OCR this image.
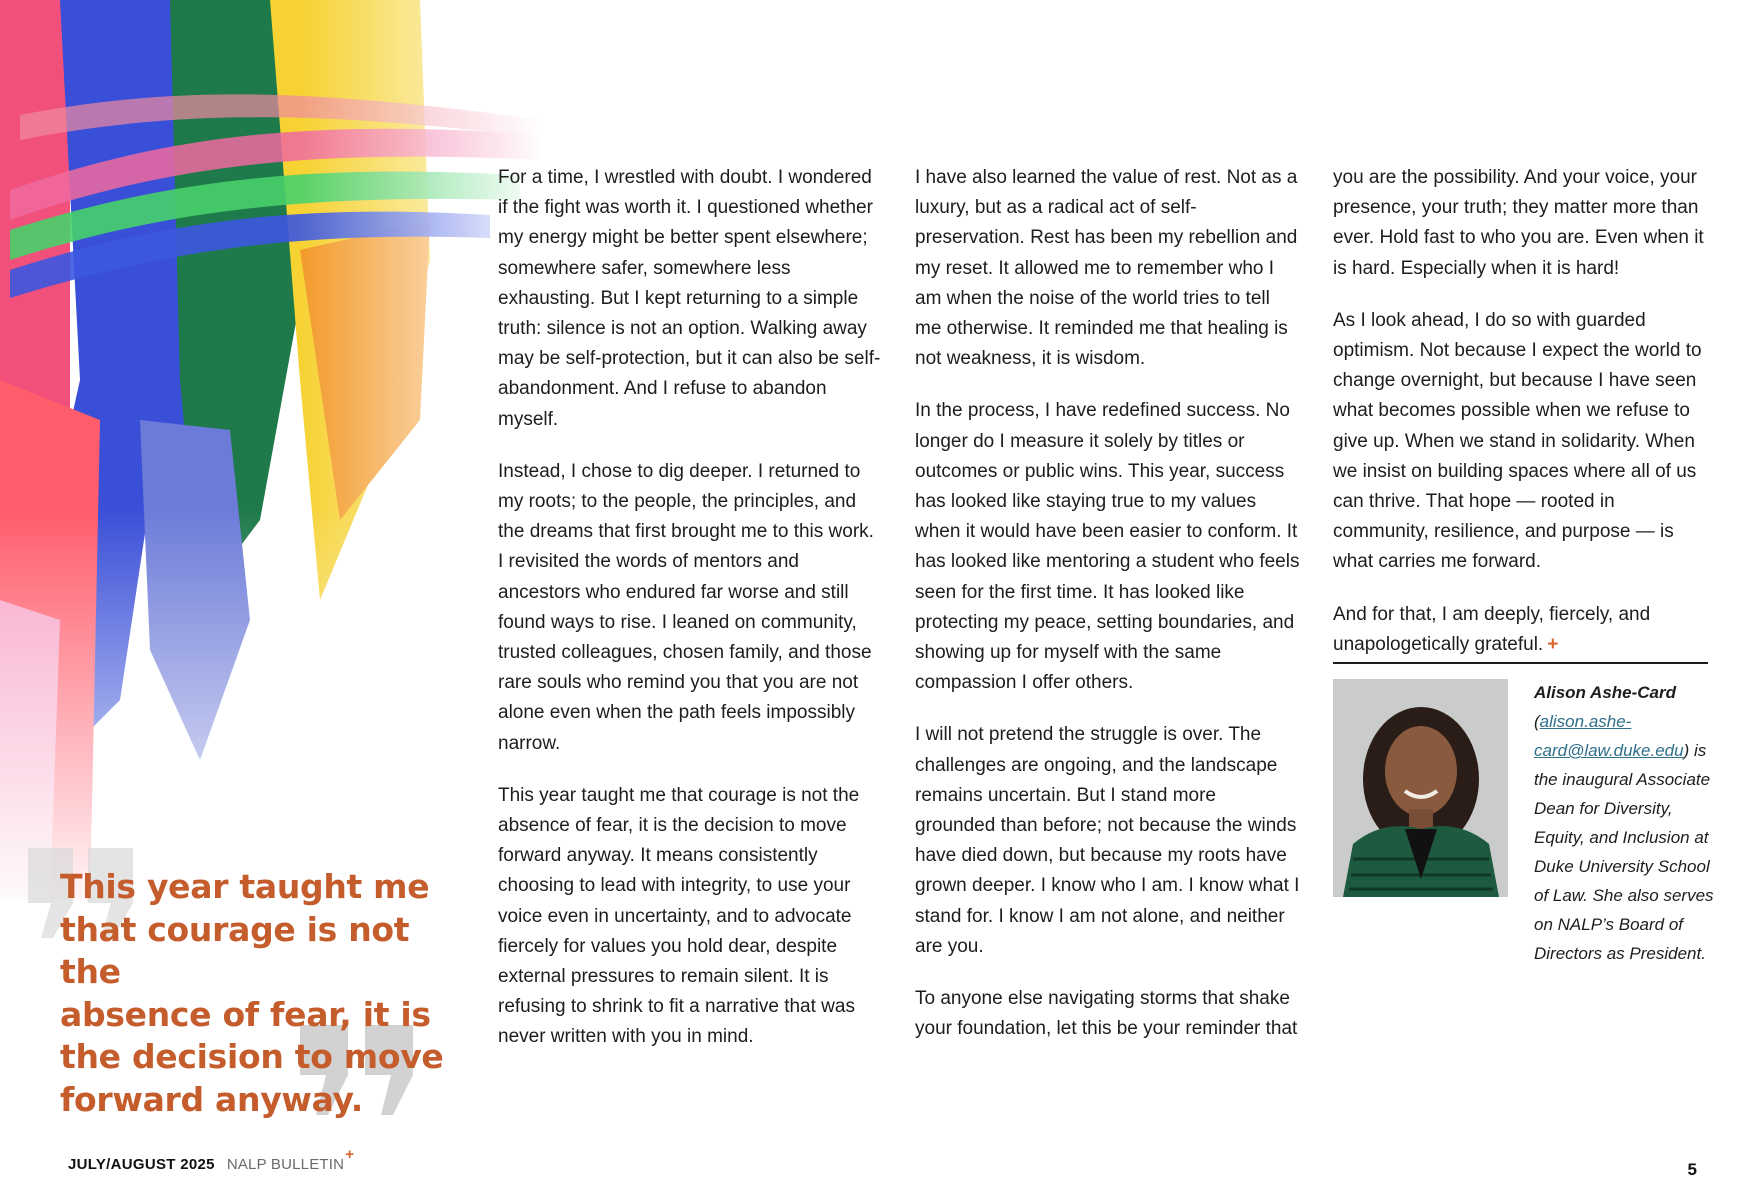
This year taught me
that courage is not the
absence of fear, it is
the decision to move
forward anyway.

For a time, I wrestled with doubt. I wondered if the fight was worth it. I questioned whether my energy might be better spent elsewhere; somewhere safer, somewhere less exhausting. But I kept returning to a simple truth: silence is not an option. Walking away may be self-protection, but it can also be self-abandonment. And I refuse to abandon myself.

Instead, I chose to dig deeper. I returned to my roots; to the people, the principles, and the dreams that first brought me to this work. I revisited the words of mentors and ancestors who endured far worse and still found ways to rise. I leaned on community, trusted colleagues, chosen family, and those rare souls who remind you that you are not alone even when the path feels impossibly narrow.

This year taught me that courage is not the absence of fear, it is the decision to move forward anyway. It means consistently choosing to lead with integrity, to use your voice even in uncertainty, and to advocate fiercely for values you hold dear, despite external pressures to remain silent. It is refusing to shrink to fit a narrative that was never written with you in mind.

I have also learned the value of rest. Not as a luxury, but as a radical act of self-preservation. Rest has been my rebellion and my reset. It allowed me to remember who I am when the noise of the world tries to tell me otherwise. It reminded me that healing is not weakness, it is wisdom.

In the process, I have redefined success. No longer do I measure it solely by titles or outcomes or public wins. This year, success has looked like staying true to my values when it would have been easier to conform. It has looked like mentoring a student who feels seen for the first time. It has looked like protecting my peace, setting boundaries, and showing up for myself with the same compassion I offer others.

I will not pretend the struggle is over. The challenges are ongoing, and the landscape remains uncertain. But I stand more grounded than before; not because the winds have died down, but because my roots have grown deeper. I know who I am. I know what I stand for. I know I am not alone, and neither are you.

To anyone else navigating storms that shake your foundation, let this be your reminder that

you are the possibility. And your voice, your presence, your truth; they matter more than ever. Hold fast to who you are. Even when it is hard. Especially when it is hard!

As I look ahead, I do so with guarded optimism. Not because I expect the world to change overnight, but because I have seen what becomes possible when we refuse to give up. When we stand in solidarity. When we insist on building spaces where all of us can thrive. That hope — rooted in community, resilience, and purpose — is what carries me forward.

And for that, I am deeply, fiercely, and unapologetically grateful. +

Alison Ashe-Card (alison.ashe-card@law.duke.edu) is the inaugural Associate Dean for Diversity, Equity, and Inclusion at Duke University School of Law. She also serves on NALP’s Board of Directors as President.
JULY/AUGUST 2025 NALP BULLETIN
+
5
